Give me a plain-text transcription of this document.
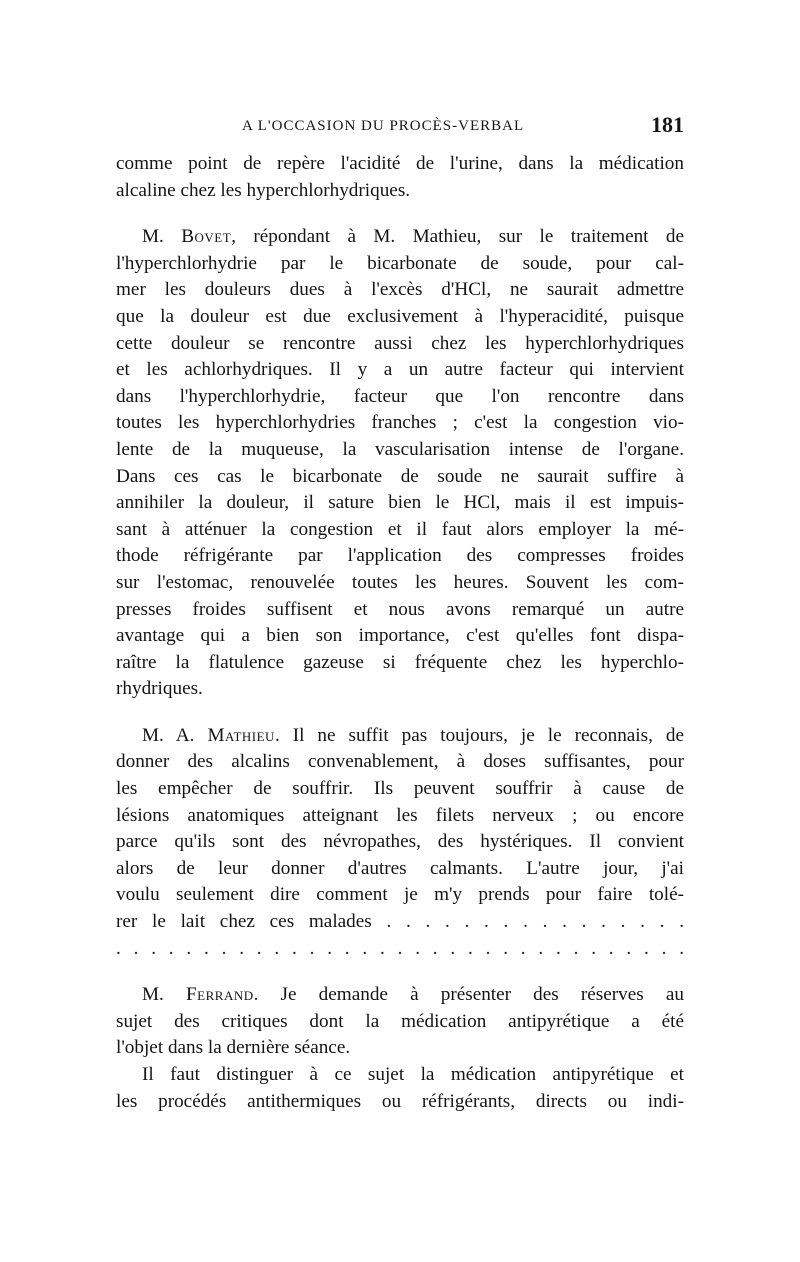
A L'OCCASION DU PROCÈS-VERBAL	181

comme point de repère l'acidité de l'urine, dans la médication

alcaline chez les hyperchlorhydriques.

M. Bovet, répondant à M. Mathieu, sur le traitement de

l'hyperchlorhydrie par le bicarbonate de soude, pour cal-

mer les douleurs dues à l'excès d'HCl, ne saurait admettre

que la douleur est due exclusivement à l'hyperacidité, puisque

cette douleur se rencontre aussi chez les hyperchlorhydriques

et les achlorhydriques. Il y a un autre facteur qui intervient

dans l'hyperchlorhydrie, facteur que l'on rencontre dans

toutes les hyperchlorhydries franches ; c'est la congestion vio-

lente de la muqueuse, la vascularisation intense de l'organe.

Dans ces cas le bicarbonate de soude ne saurait suffire à

annihiler la douleur, il sature bien le HCl, mais il est impuis-

sant à atténuer la congestion et il faut alors employer la mé-

thode réfrigérante par l'application des compresses froides

sur l'estomac, renouvelée toutes les heures. Souvent les com-

presses froides suffisent et nous avons remarqué un autre

avantage qui a bien son importance, c'est qu'elles font dispa-

raître la flatulence gazeuse si fréquente chez les hyperchlo-

rhydriques.

M. A. Mathieu. Il ne suffit pas toujours, je le reconnais, de

donner des alcalins convenablement, à doses suffisantes, pour

les empêcher de souffrir. Ils peuvent souffrir à cause de

lésions anatomiques atteignant les filets nerveux ; ou encore

parce qu'ils sont des névropathes, des hystériques. Il convient

alors de leur donner d'autres calmants. L'autre jour, j'ai

voulu seulement dire comment je m'y prends pour faire tolé-

rer le lait chez ces malades . . . . . . . . . . . . . . . .

. . . . . . . . . . . . . . . . . . . . . . . . . . . . . . . . .

M. Ferrand. Je demande à présenter des réserves au

sujet des critiques dont la médication antipyrétique a été

l'objet dans la dernière séance.

Il faut distinguer à ce sujet la médication antipyrétique et

les procédés antithermiques ou réfrigérants, directs ou indi-
